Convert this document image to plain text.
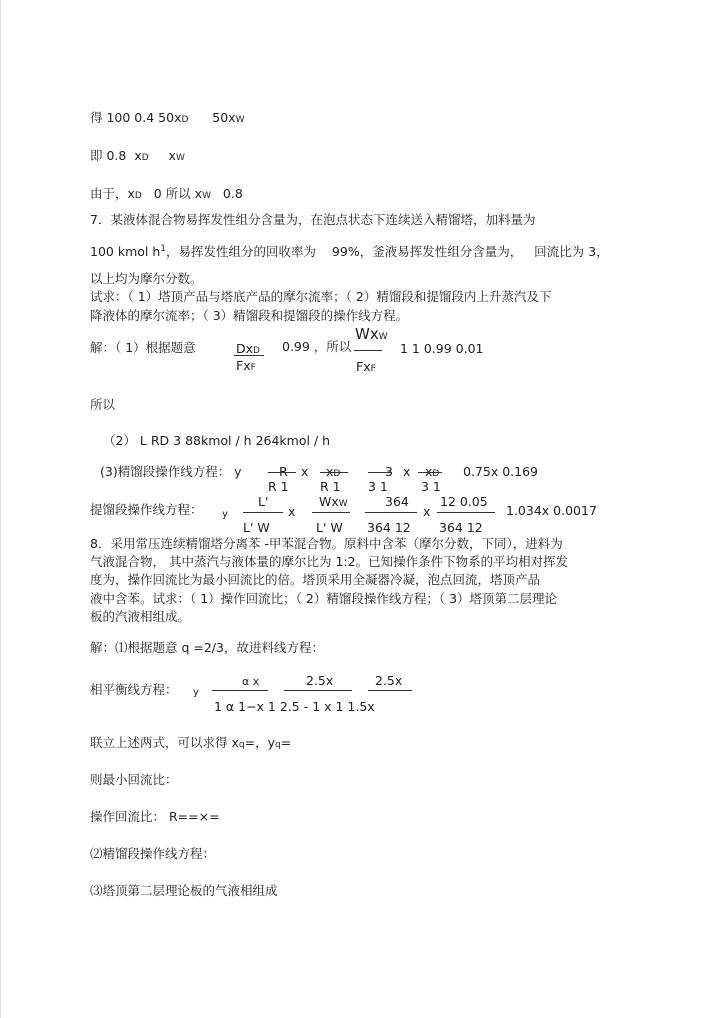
得 100 0.4 50xD 50xW
即 0.8 xD xW
由于，xD 0 所以 xW 0.8
7．某液体混合物易挥发性组分含量为，在泡点状态下连续送入精馏塔，加料量为
100 kmol $h^1$，易挥发性组分的回收率为 99%，釜液易挥发性组分含量为， 回流比为 3，
以上均为摩尔分数。
试求：（ 1）塔顶产品与塔底产品的摩尔流率；（ 2）精馏段和提馏段内上升蒸汽及下
降液体的摩尔流率；（ 3）精馏段和提馏段的操作线方程。
解：（ 1）根据题意	DxD
FxF
0.99 ，所以
WxW
FxF
1 1 0.99 0.01
所以
（2） L RD 3 88kmol / h 264kmol / h
(3)精馏段操作线方程： y	R x xD	3 x xD 0.75x 0.169
R 1	R 1 3 1	3 1
提馏段操作线方程： y
L'
x
WxW	364
x
12 0.05
1.034x 0.0017
L' W	L' W 364 12 364 12
8．采用常压连续精馏塔分离苯 -甲苯混合物。原料中含苯（摩尔分数，下同），进料为
气液混合物， 其中蒸汽与液体量的摩尔比为 1:2。已知操作条件下物系的平均相对挥发
度为，操作回流比为最小回流比的倍。塔顶采用全凝器冷凝，泡点回流，塔顶产品
液中含苯。试求：（ 1）操作回流比；（ 2）精馏段操作线方程；（ 3）塔顶第二层理论
板的汽液相组成。
解：⑴根据题意 q =2/3，故进料线方程：
相平衡线方程： y
α x	2.5x	2.5x
1 α 1−x 1 2.5 - 1 x 1 1.5x
联立上述两式，可以求得 xq=，yq=
则最小回流比：
操作回流比： R==×=
⑵精馏段操作线方程：
⑶塔顶第二层理论板的气液相组成
